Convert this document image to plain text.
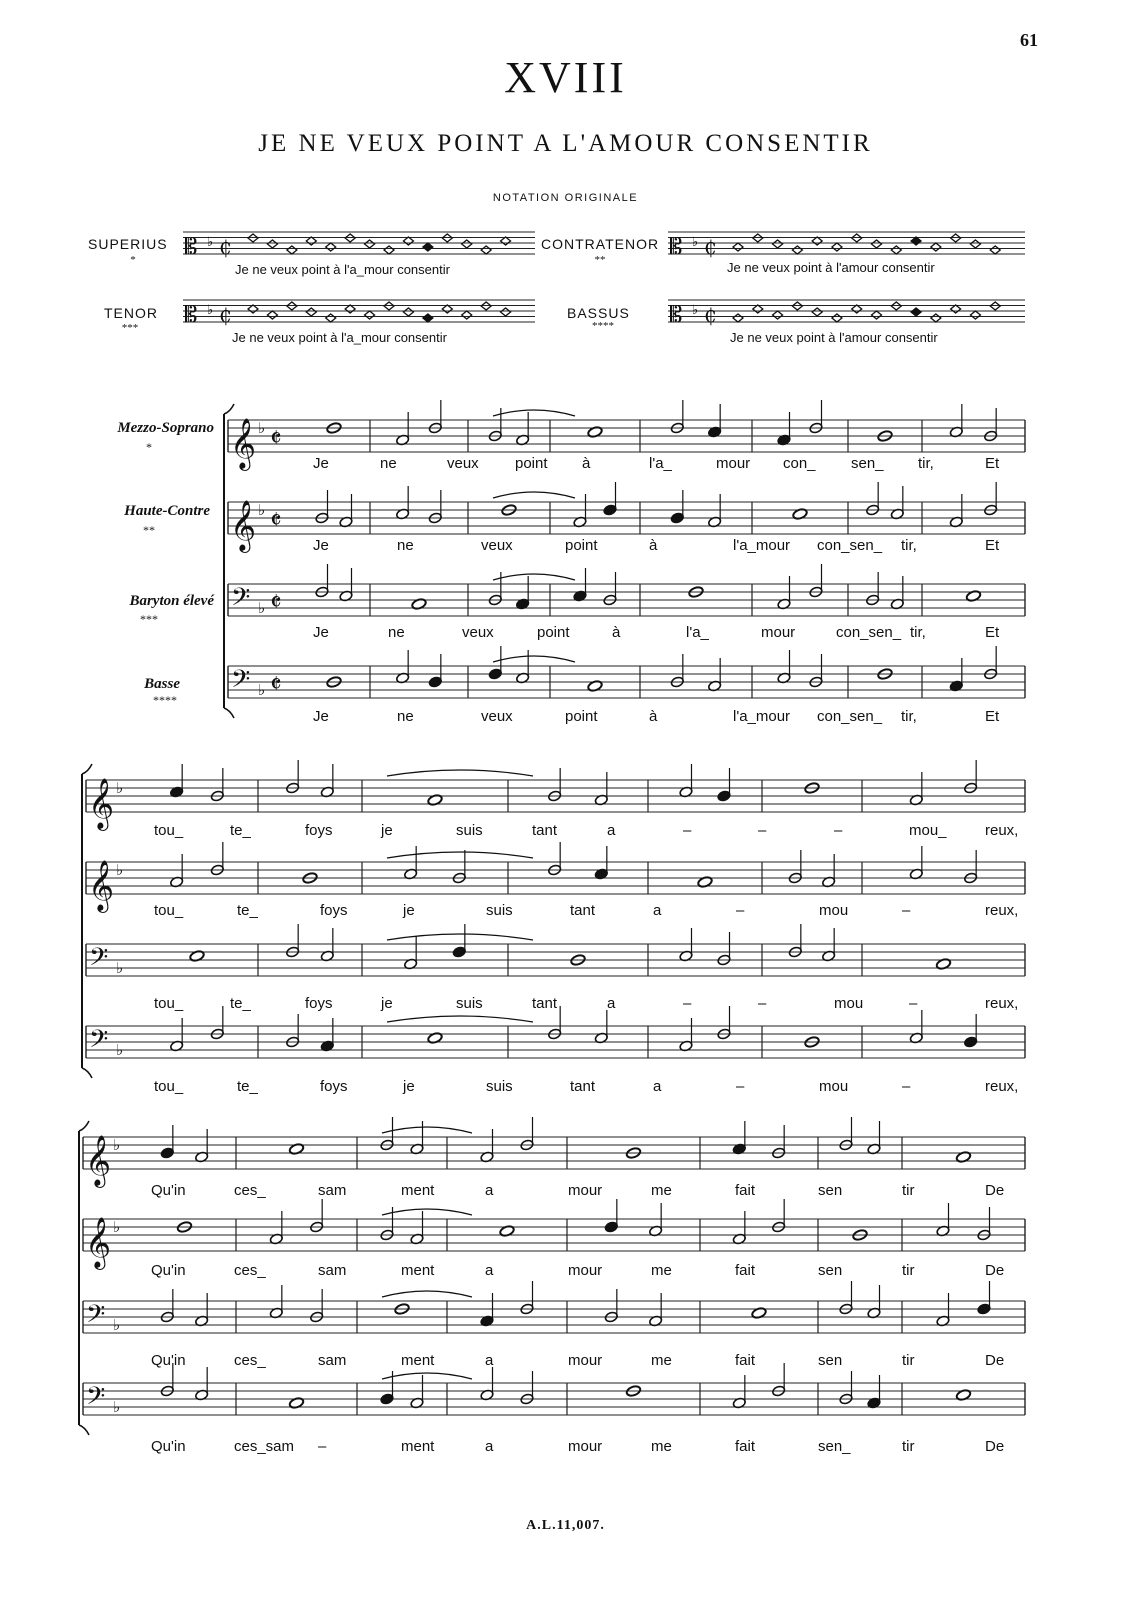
61
XVIII
JE NE VEUX POINT A L'AMOUR CONSENTIR
NOTATION ORIGINALE
SUPERIUS
*
Je ne veux point à l'a_mour consentir
CONTRATENOR
**	Je ne veux point à l'amour consentir
TENOR
***
Je ne veux point à l'a_mour consentir
BASSUS
****
Je ne veux point à l'amour consentir
Mezzo-Soprano
*
Haute-Contre
**
Baryton élevé
***
Basse
****
𝄡 ♭ ₵	𝄡 ♭ ₵
𝄡 ♭ ₵	𝄡 ♭ ₵
𝄞 ♭ 𝄵
𝄞 ♭ 𝄵
𝄢 ♭ 𝄵
𝄢 ♭ 𝄵
𝄞 ♭
𝄞 ♭
𝄢 ♭
𝄢 ♭
𝄞 ♭
𝄞 ♭
𝄢 ♭
𝄢 ♭
Je	ne	veux point à	l'a_	mour con_ sen_ tir,	Et
Je	ne	veux	point	à	l'a_mour con_sen_ tir,	Et
Je	ne	veux	point	à	l'a_	mour	con_sen_ tir,	Et
Je	ne	veux	point	à	l'a_mour con_sen_ tir,	Et
tou_	te_	foys	je	suis	tant	a	–	–	–	mou_	reux,
tou_	te_	foys	je	suis	tant	a	–	mou	–	reux,
tou_	te_	foys	je	suis	tant	a	–	–	mou	–	reux,
tou_	te_	foys	je	suis	tant	a	–	mou	–	reux,
Qu'in	ces_	sam	ment	a	mour	me	fait	sen	tir	De
Qu'in	ces_	sam	ment	a	mour	me	fait	sen	tir	De
Qu'in	ces_	sam	ment	a	mour	me	fait	sen	tir	De
Qu'in	ces_sam –	ment	a	mour	me	fait	sen_	tir	De
A.L.11,007.
